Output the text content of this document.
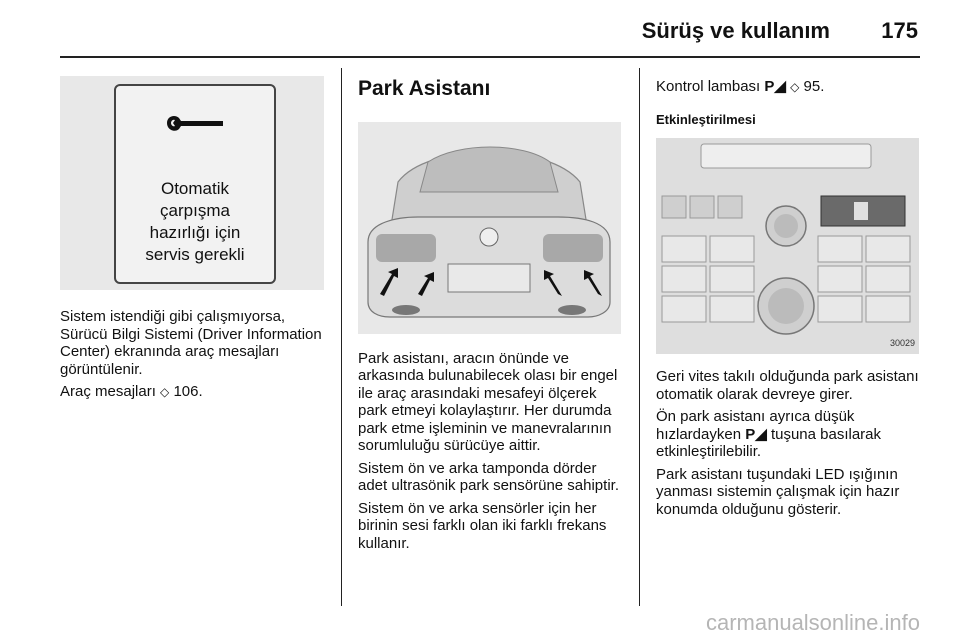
Sürüş ve kullanım 175
Otomatik
çarpışma
hazırlığı için
servis gerekli

Sistem istendiği gibi çalışmıyorsa, Sürücü Bilgi Sistemi (Driver Information Center) ekranında araç mesajları görüntülenir.

Araç mesajları ◇ 106.

Park Asistanı

Park asistanı, aracın önünde ve arkasında bulunabilecek olası bir engel ile araç arasındaki mesafeyi ölçerek park etmeyi kolaylaştırır. Her durumda park etme işleminin ve manevralarının sorumluluğu sürücüye aittir.

Sistem ön ve arka tamponda dörder adet ultrasönik park sensörüne sahiptir.

Sistem ön ve arka sensörler için her birinin sesi farklı olan iki farklı frekans kullanır.

Kontrol lambası P◢ ◇ 95.

Etkinleştirilmesi
30029

Geri vites takılı olduğunda park asistanı otomatik olarak devreye girer.

Ön park asistanı ayrıca düşük hızlardayken P◢ tuşuna basılarak etkinleştirilebilir.

Park asistanı tuşundaki LED ışığının yanması sistemin çalışmak için hazır konumda olduğunu gösterir.

carmanualsonline.info
